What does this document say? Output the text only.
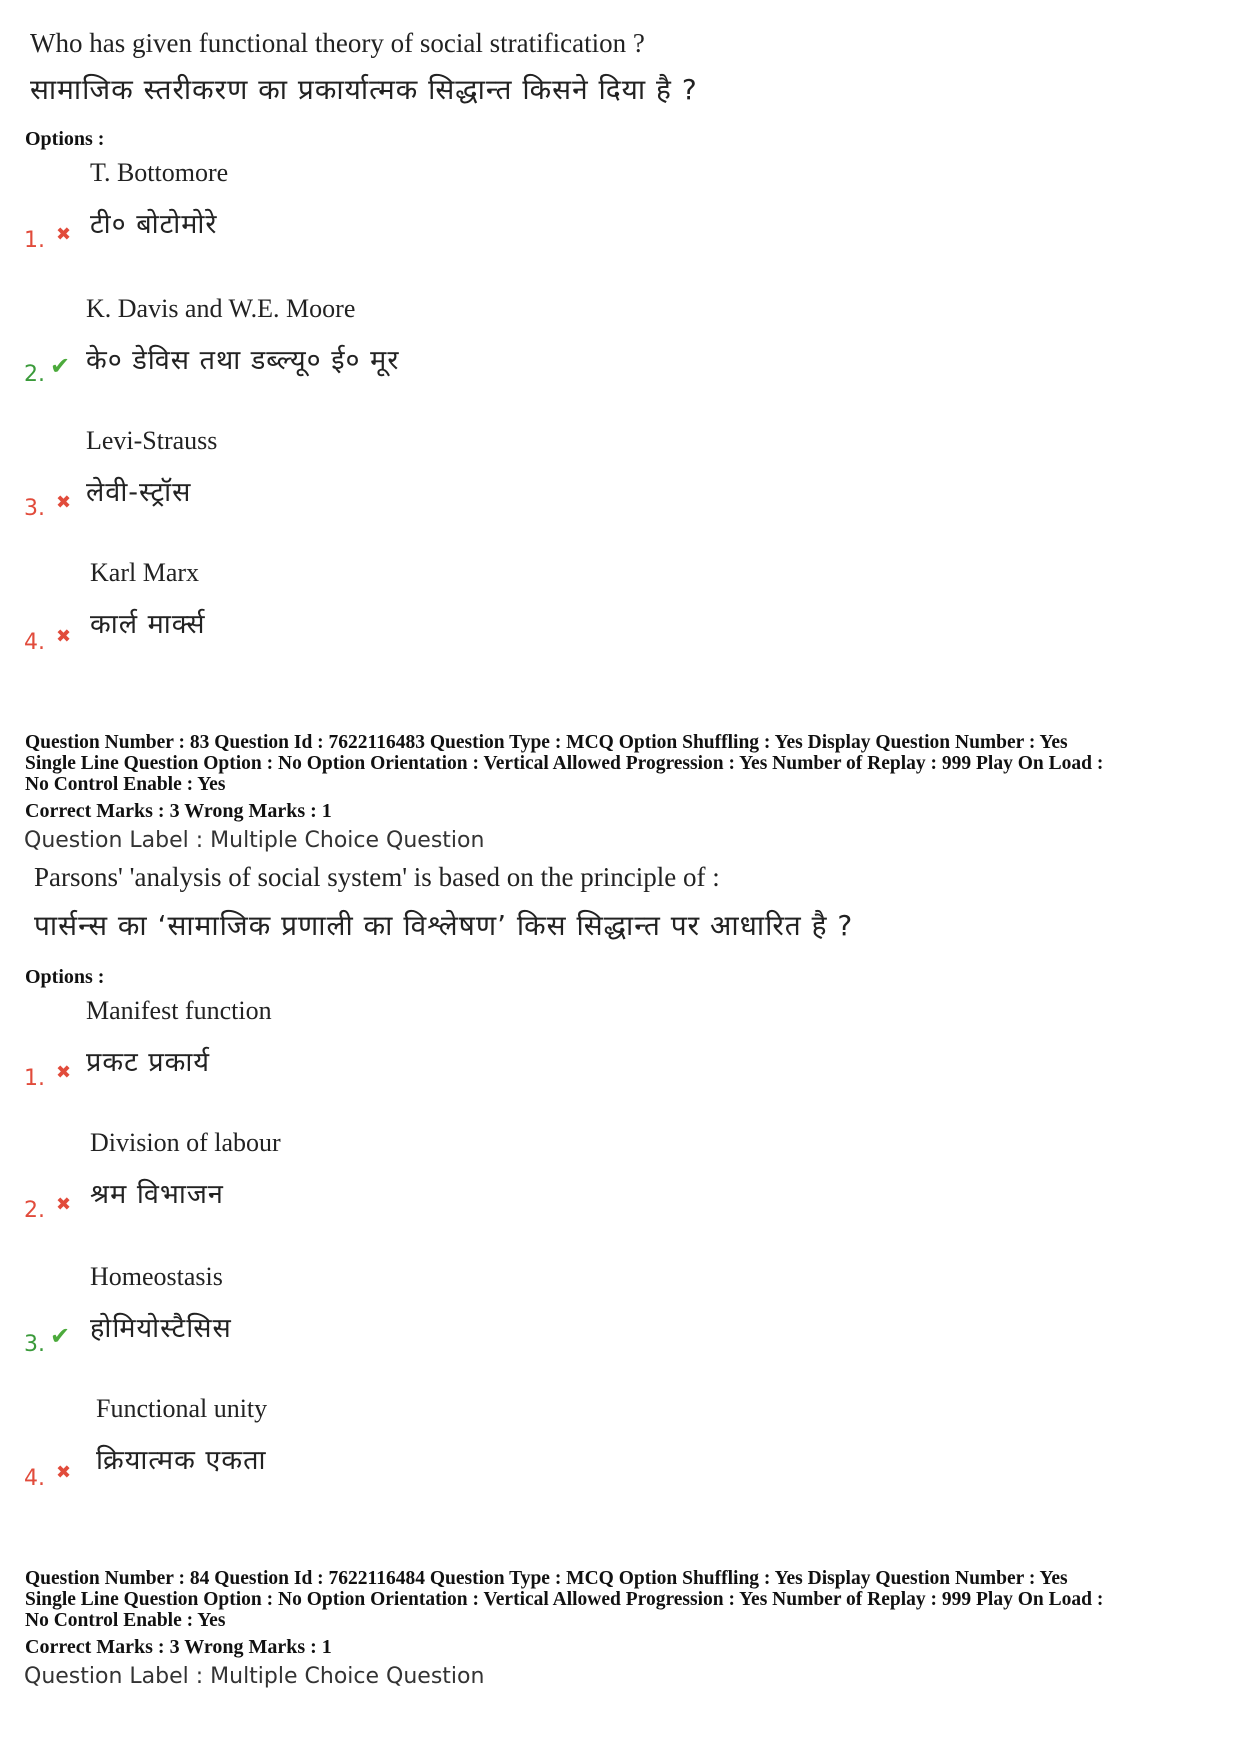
Who has given functional theory of social stratification ?
सामाजिक स्तरीकरण का प्रकार्यात्मक सिद्धान्त किसने दिया है ?
Options :
T. Bottomore
टी० बोटोमोरे
1. ✖
K. Davis and W.E. Moore
के० डेविस तथा डब्ल्यू० ई० मूर
2. ✔
Levi-Strauss
लेवी-स्ट्रॉस
3. ✖
Karl Marx
कार्ल मार्क्स
4. ✖
Question Number : 83 Question Id : 7622116483 Question Type : MCQ Option Shuffling : Yes Display Question Number : Yes
Single Line Question Option : No Option Orientation : Vertical Allowed Progression : Yes Number of Replay : 999 Play On Load :
No Control Enable : Yes
Correct Marks : 3 Wrong Marks : 1
Question Label : Multiple Choice Question
Parsons' 'analysis of social system' is based on the principle of :
पार्सन्स का ‘सामाजिक प्रणाली का विश्लेषण’ किस सिद्धान्त पर आधारित है ?
Options :
Manifest function
प्रकट प्रकार्य
1. ✖
Division of labour
श्रम विभाजन
2. ✖
Homeostasis
होमियोस्टैसिस
3. ✔
Functional unity
क्रियात्मक एकता
4. ✖
Question Number : 84 Question Id : 7622116484 Question Type : MCQ Option Shuffling : Yes Display Question Number : Yes
Single Line Question Option : No Option Orientation : Vertical Allowed Progression : Yes Number of Replay : 999 Play On Load :
No Control Enable : Yes
Correct Marks : 3 Wrong Marks : 1
Question Label : Multiple Choice Question
